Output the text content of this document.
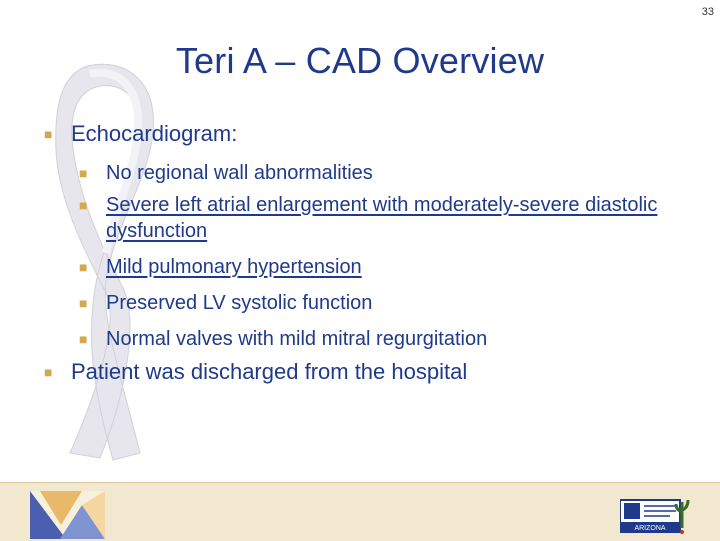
33
Teri A – CAD Overview
■ Echocardiogram:
■ No regional wall abnormalities
■ Severe left atrial enlargement with moderately-severe diastolic dysfunction
■ Mild pulmonary hypertension
■ Preserved LV systolic function
■ Normal valves with mild mitral regurgitation
■ Patient was discharged from the hospital
ARIZONA
